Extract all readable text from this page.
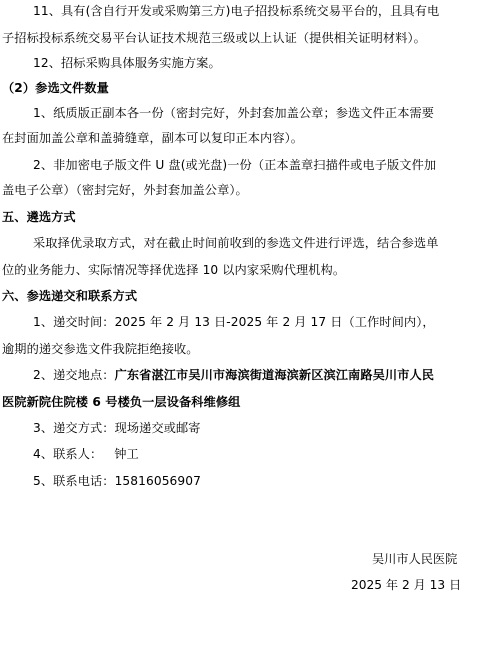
11、具有(含自行开发或采购第三方)电子招投标系统交易平台的，且具有电
子招标投标系统交易平台认证技术规范三级或以上认证（提供相关证明材料）。
12、招标采购具体服务实施方案。
（2）参选文件数量
1、纸质版正副本各一份（密封完好，外封套加盖公章；参选文件正本需要
在封面加盖公章和盖骑缝章，副本可以复印正本内容）。
2、非加密电子版文件 U 盘(或光盘)一份（正本盖章扫描件或电子版文件加
盖电子公章）（密封完好，外封套加盖公章）。
五、遴选方式
采取择优录取方式，对在截止时间前收到的参选文件进行评选，结合参选单
位的业务能力、实际情况等择优选择 10 以内家采购代理机构。
六、参选递交和联系方式
1、递交时间：2025 年 2 月 13 日-2025 年 2 月 17 日（工作时间内），
逾期的递交参选文件我院拒绝接收。
2、递交地点：广东省湛江市吴川市海滨街道海滨新区滨江南路吴川市人民
医院新院住院楼 6 号楼负一层设备科维修组
3、递交方式：现场递交或邮寄
4、联系人：   钟工
5、联系电话：15816056907
吴川市人民医院
2025 年 2 月 13 日
